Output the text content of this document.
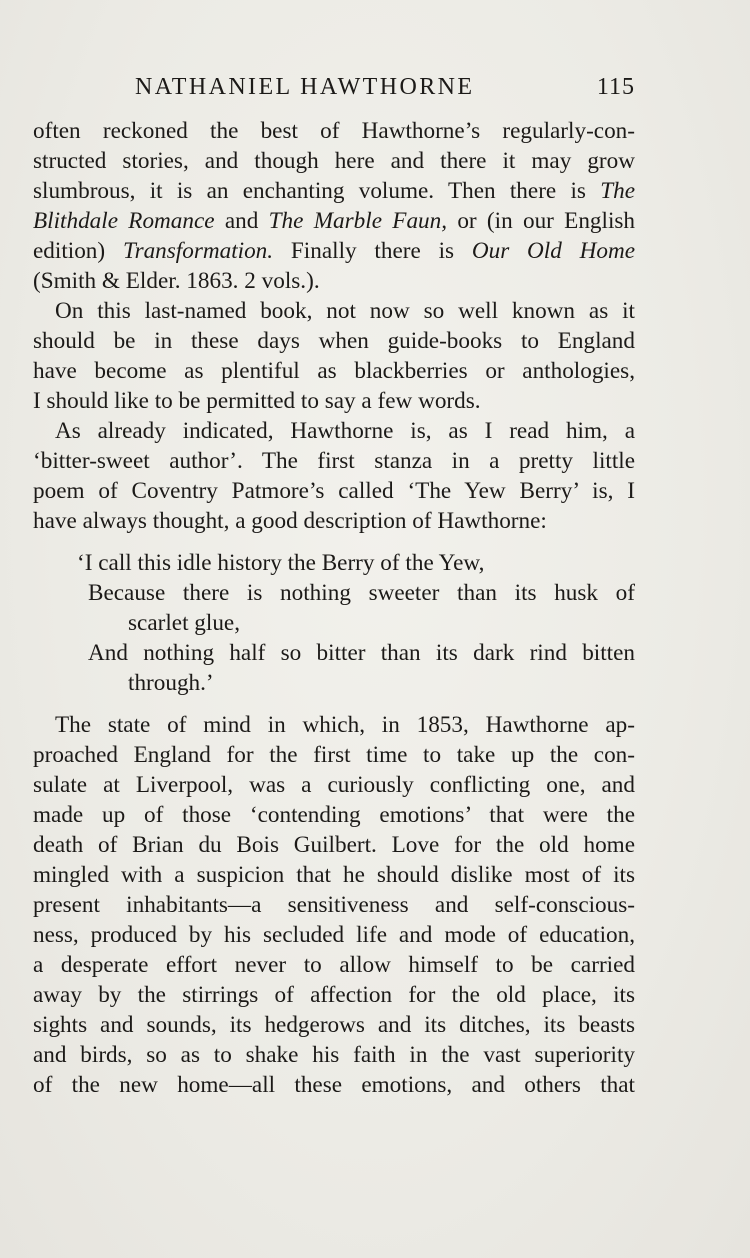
NATHANIEL HAWTHORNE	115
often reckoned the best of Hawthorne’s regularly-con-
structed stories, and though here and there it may grow
slumbrous, it is an enchanting volume. Then there is The
Blithdale Romance and The Marble Faun, or (in our English
edition) Transformation. Finally there is Our Old Home
(Smith & Elder. 1863. 2 vols.).
On this last-named book, not now so well known as it
should be in these days when guide-books to England
have become as plentiful as blackberries or anthologies,
I should like to be permitted to say a few words.
As already indicated, Hawthorne is, as I read him, a
‘bitter-sweet author’. The first stanza in a pretty little
poem of Coventry Patmore’s called ‘The Yew Berry’ is, I
have always thought, a good description of Hawthorne:
‘I call this idle history the Berry of the Yew,
Because there is nothing sweeter than its husk of
scarlet glue,
And nothing half so bitter than its dark rind bitten
through.’
The state of mind in which, in 1853, Hawthorne ap-
proached England for the first time to take up the con-
sulate at Liverpool, was a curiously conflicting one, and
made up of those ‘contending emotions’ that were the
death of Brian du Bois Guilbert. Love for the old home
mingled with a suspicion that he should dislike most of its
present inhabitants—a sensitiveness and self-conscious-
ness, produced by his secluded life and mode of education,
a desperate effort never to allow himself to be carried
away by the stirrings of affection for the old place, its
sights and sounds, its hedgerows and its ditches, its beasts
and birds, so as to shake his faith in the vast superiority
of the new home—all these emotions, and others that
